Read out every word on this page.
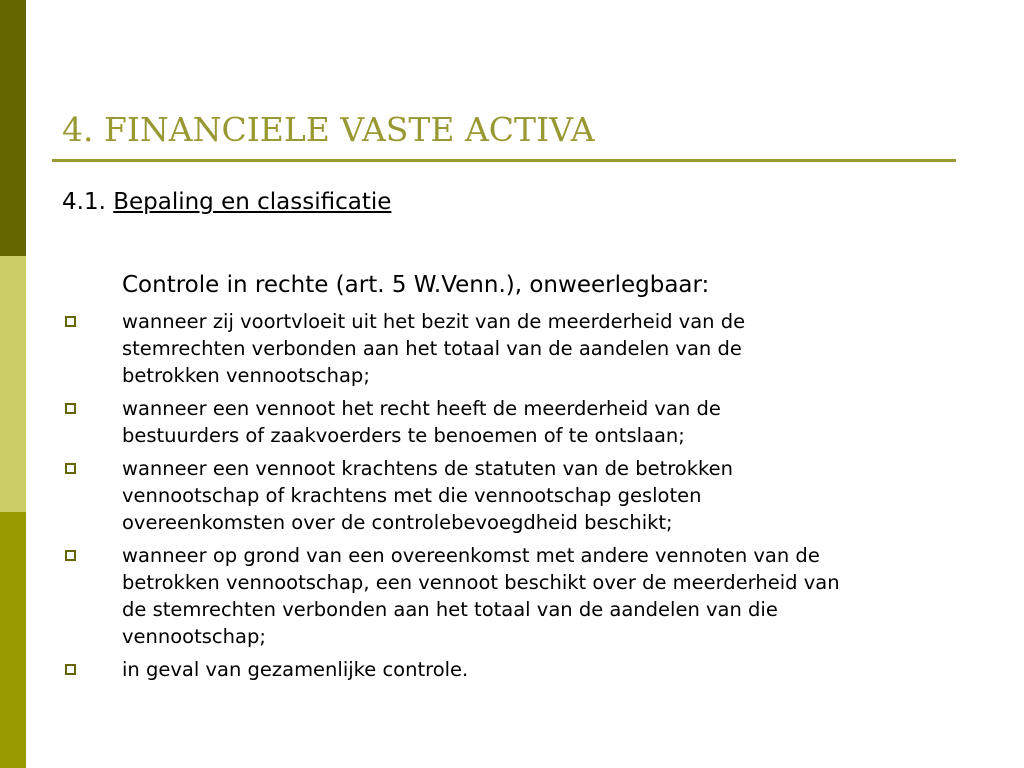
4. FINANCIELE VASTE ACTIVA
4.1. Bepaling en classificatie
Controle in rechte (art. 5 W.Venn.), onweerlegbaar:
wanneer zij voortvloeit uit het bezit van de meerderheid van de
stemrechten verbonden aan het totaal van de aandelen van de
betrokken vennootschap;
wanneer een vennoot het recht heeft de meerderheid van de
bestuurders of zaakvoerders te benoemen of te ontslaan;
wanneer een vennoot krachtens de statuten van de betrokken
vennootschap of krachtens met die vennootschap gesloten
overeenkomsten over de controlebevoegdheid beschikt;
wanneer op grond van een overeenkomst met andere vennoten van de
betrokken vennootschap, een vennoot beschikt over de meerderheid van
de stemrechten verbonden aan het totaal van de aandelen van die
vennootschap;
in geval van gezamenlijke controle.
